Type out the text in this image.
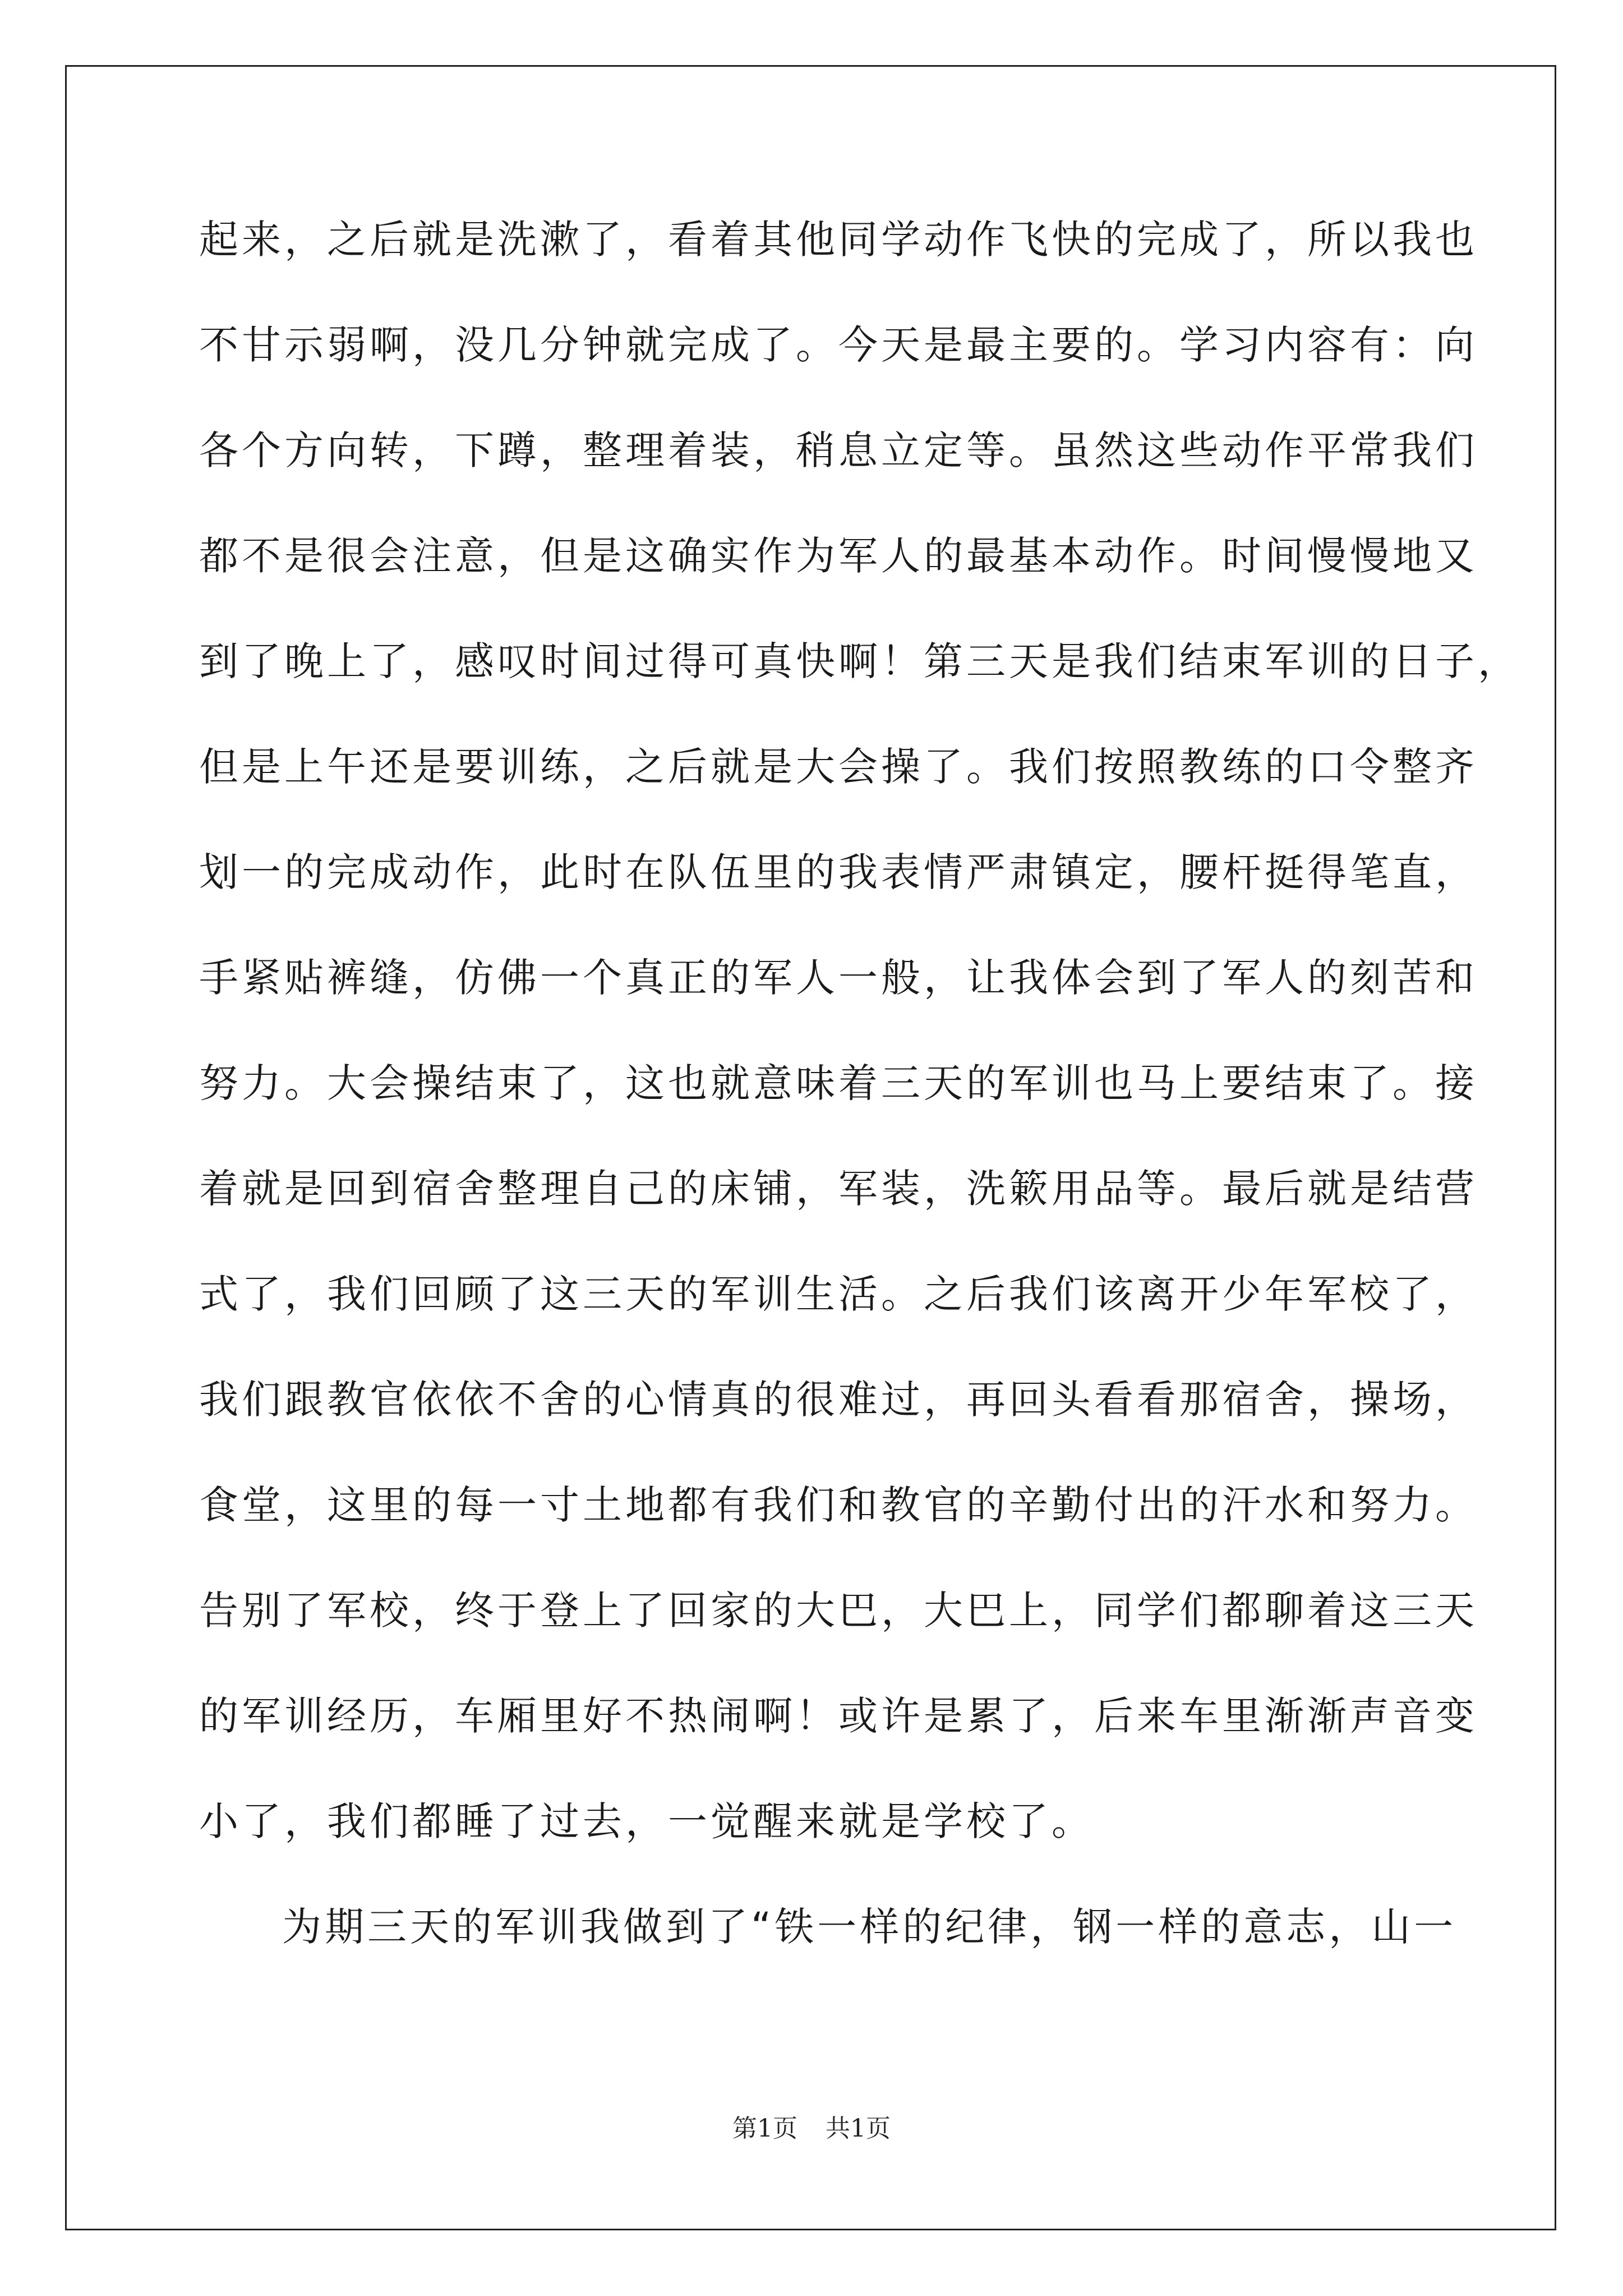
起来，之后就是洗漱了，看着其他同学动作飞快的完成了，所以我也
不甘示弱啊，没几分钟就完成了。今天是最主要的。学习内容有：向
各个方向转，下蹲，整理着装，稍息立定等。虽然这些动作平常我们
都不是很会注意，但是这确实作为军人的最基本动作。时间慢慢地又
到了晚上了，感叹时间过得可真快啊！第三天是我们结束军训的日子，
但是上午还是要训练，之后就是大会操了。我们按照教练的口令整齐
划一的完成动作，此时在队伍里的我表情严肃镇定，腰杆挺得笔直，
手紧贴裤缝，仿佛一个真正的军人一般，让我体会到了军人的刻苦和
努力。大会操结束了，这也就意味着三天的军训也马上要结束了。接
着就是回到宿舍整理自己的床铺，军装，洗簌用品等。最后就是结营
式了，我们回顾了这三天的军训生活。之后我们该离开少年军校了，
我们跟教官依依不舍的心情真的很难过，再回头看看那宿舍，操场，
食堂，这里的每一寸土地都有我们和教官的辛勤付出的汗水和努力。
告别了军校，终于登上了回家的大巴，大巴上，同学们都聊着这三天
的军训经历，车厢里好不热闹啊！或许是累了，后来车里渐渐声音变
小了，我们都睡了过去，一觉醒来就是学校了。
为期三天的军训我做到了“铁一样的纪律，钢一样的意志，山一
第1页 共1页
